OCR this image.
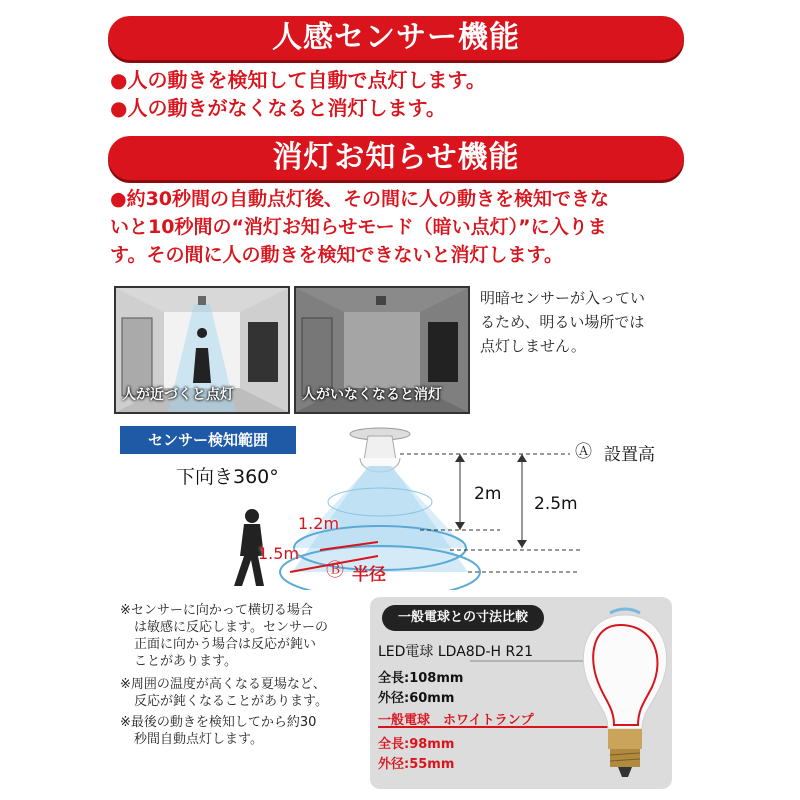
人感センサー機能
●人の動きを検知して自動で点灯します。
●人の動きがなくなると消灯します。
消灯お知らせ機能
●約30秒間の自動点灯後、その間に人の動きを検知できな
いと10秒間の“消灯お知らせモード（暗い点灯）”に入りま
す。その間に人の動きを検知できないと消灯します。
人が近づくと点灯	人がいなくなると消灯
明暗センサーが入ってい
るため、明るい場所では
点灯しません。
センサー検知範囲
下向き360°
Ⓐ 設置高
2m 2.5m
1.2m
1.5m
Ⓑ 半径
※センサーに向かって横切る場合
は敏感に反応します。センサーの
正面に向かう場合は反応が鈍い
ことがあります。
※周囲の温度が高くなる夏場など、
反応が鈍くなることがあります。
※最後の動きを検知してから約30
秒間自動点灯します。
一般電球との寸法比較
LED電球 LDA8D-H R21
全長:108mm
外径:60mm
一般電球　ホワイトランプ
全長:98mm
外径:55mm
